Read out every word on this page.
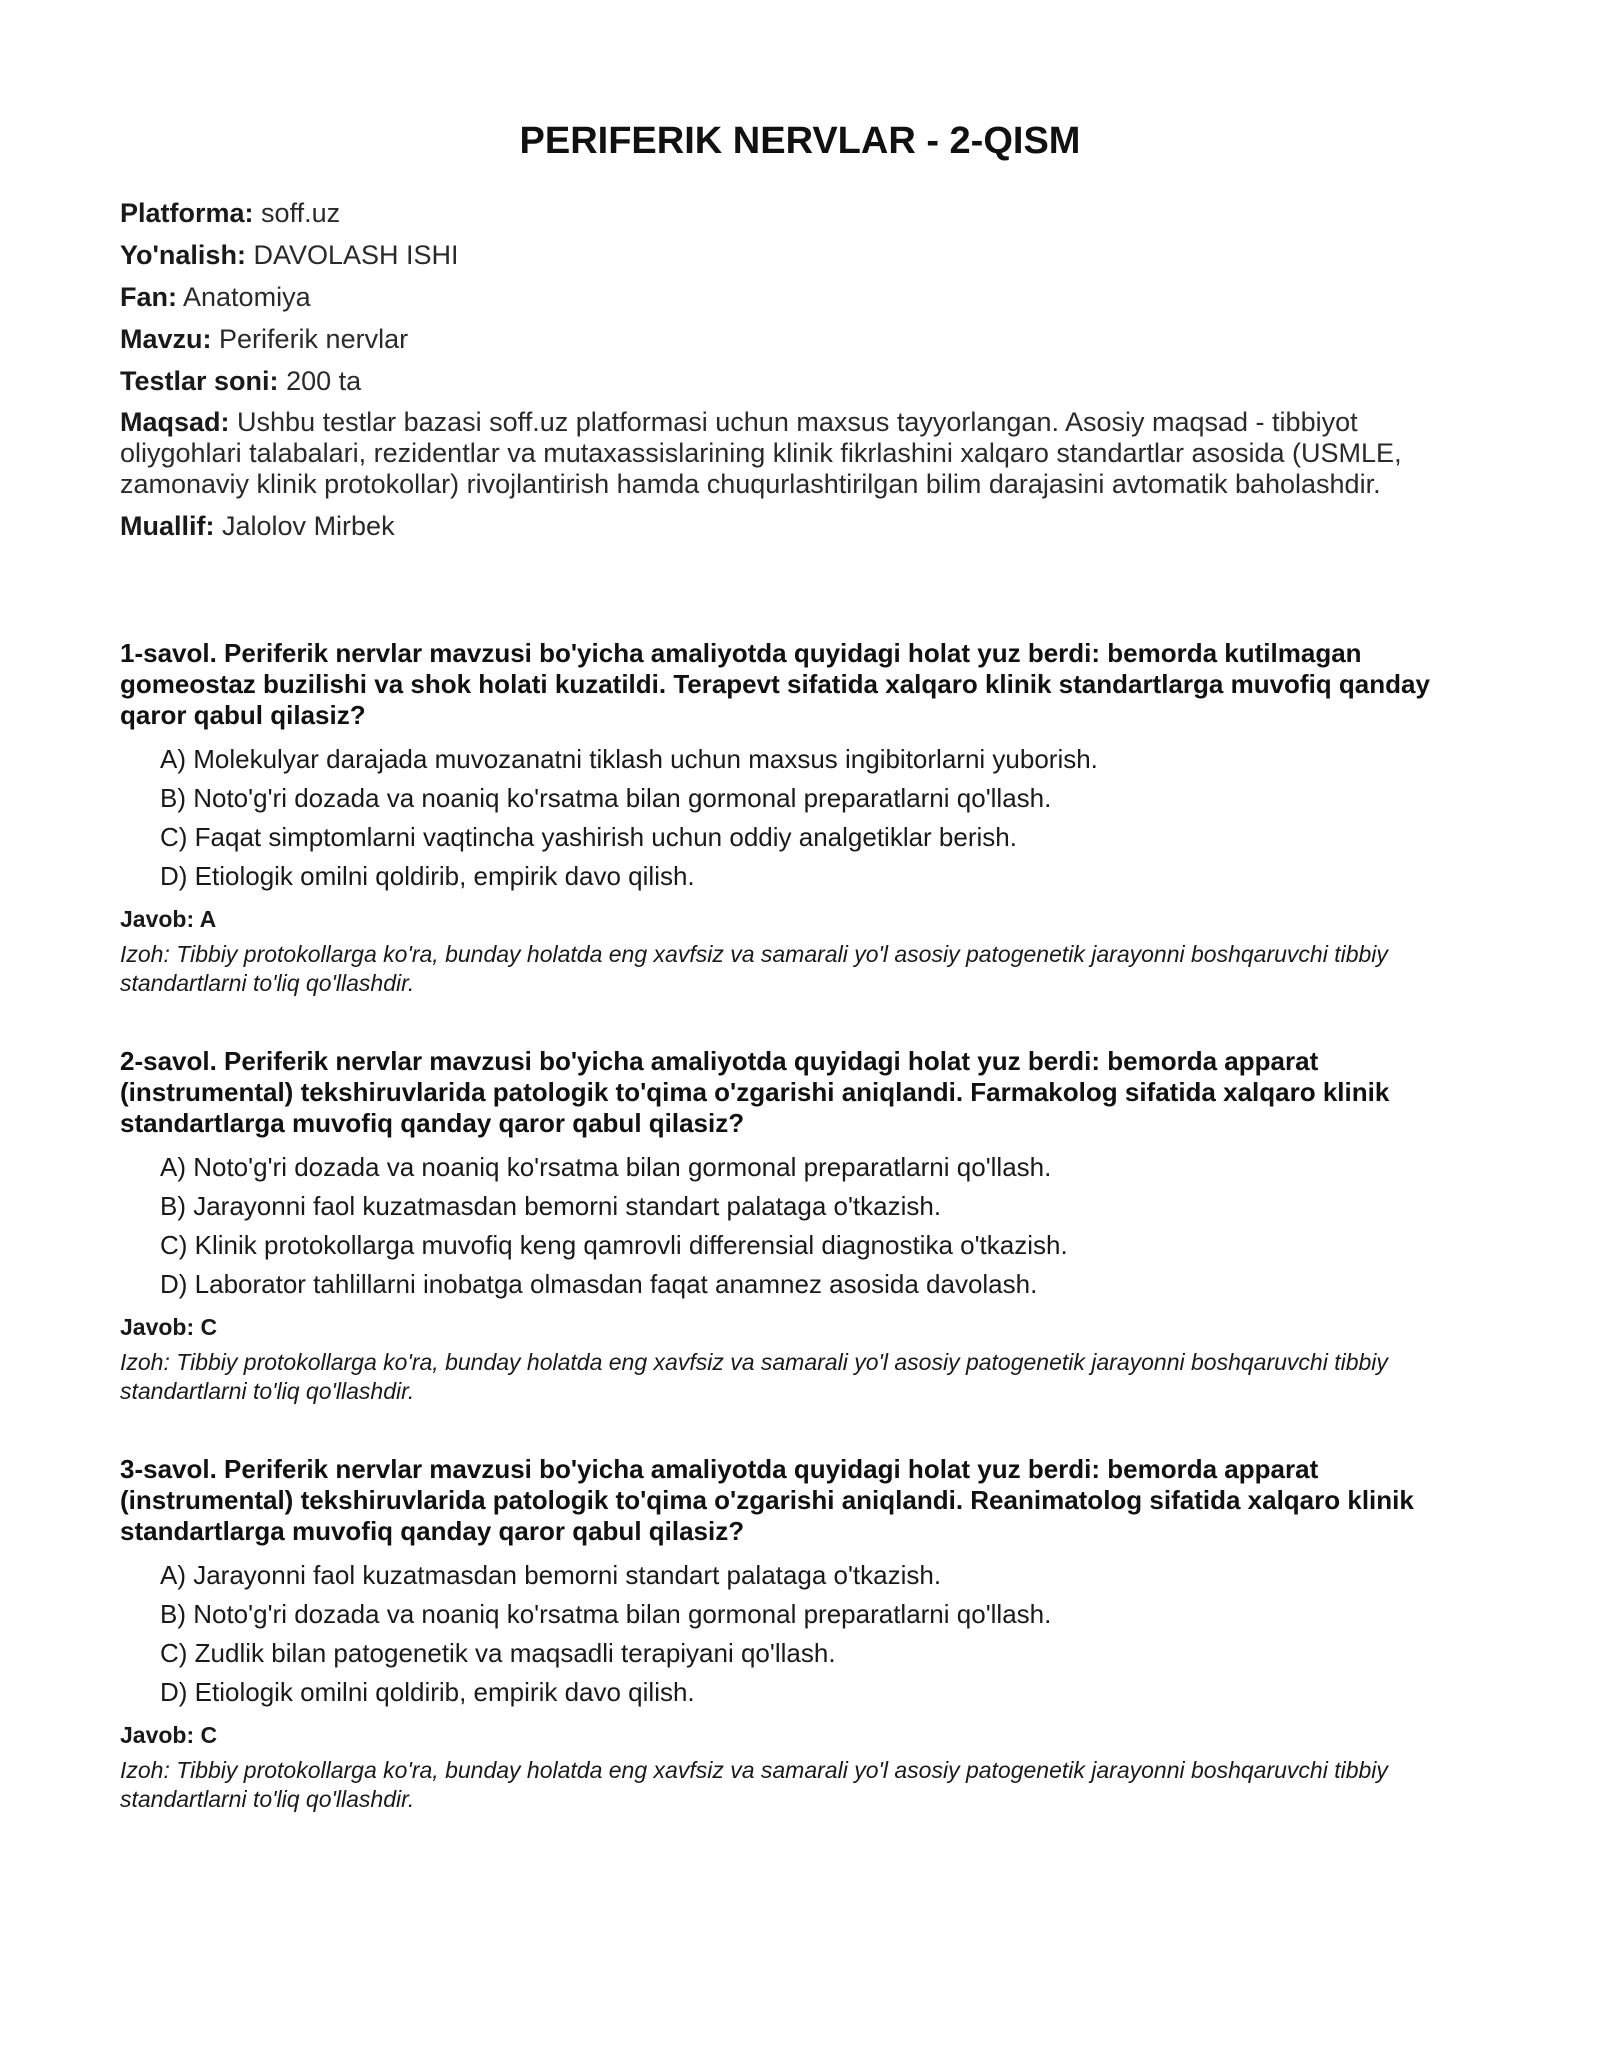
PERIFERIK NERVLAR - 2-QISM
Platforma: soff.uz
Yo'nalish: DAVOLASH ISHI
Fan: Anatomiya
Mavzu: Periferik nervlar
Testlar soni: 200 ta
Maqsad: Ushbu testlar bazasi soff.uz platformasi uchun maxsus tayyorlangan. Asosiy maqsad - tibbiyot oliygohlari talabalari, rezidentlar va mutaxassislarining klinik fikrlashini xalqaro standartlar asosida (USMLE, zamonaviy klinik protokollar) rivojlantirish hamda chuqurlashtirilgan bilim darajasini avtomatik baholashdir.
Muallif: Jalolov Mirbek
1-savol. Periferik nervlar mavzusi bo'yicha amaliyotda quyidagi holat yuz berdi: bemorda kutilmagan gomeostaz buzilishi va shok holati kuzatildi. Terapevt sifatida xalqaro klinik standartlarga muvofiq qanday qaror qabul qilasiz?
A) Molekulyar darajada muvozanatni tiklash uchun maxsus ingibitorlarni yuborish.
B) Noto'g'ri dozada va noaniq ko'rsatma bilan gormonal preparatlarni qo'llash.
C) Faqat simptomlarni vaqtincha yashirish uchun oddiy analgetiklar berish.
D) Etiologik omilni qoldirib, empirik davo qilish.
Javob: A
Izoh: Tibbiy protokollarga ko'ra, bunday holatda eng xavfsiz va samarali yo'l asosiy patogenetik jarayonni boshqaruvchi tibbiy standartlarni to'liq qo'llashdir.
2-savol. Periferik nervlar mavzusi bo'yicha amaliyotda quyidagi holat yuz berdi: bemorda apparat (instrumental) tekshiruvlarida patologik to'qima o'zgarishi aniqlandi. Farmakolog sifatida xalqaro klinik standartlarga muvofiq qanday qaror qabul qilasiz?
A) Noto'g'ri dozada va noaniq ko'rsatma bilan gormonal preparatlarni qo'llash.
B) Jarayonni faol kuzatmasdan bemorni standart palataga o'tkazish.
C) Klinik protokollarga muvofiq keng qamrovli differensial diagnostika o'tkazish.
D) Laborator tahlillarni inobatga olmasdan faqat anamnez asosida davolash.
Javob: C
Izoh: Tibbiy protokollarga ko'ra, bunday holatda eng xavfsiz va samarali yo'l asosiy patogenetik jarayonni boshqaruvchi tibbiy standartlarni to'liq qo'llashdir.
3-savol. Periferik nervlar mavzusi bo'yicha amaliyotda quyidagi holat yuz berdi: bemorda apparat (instrumental) tekshiruvlarida patologik to'qima o'zgarishi aniqlandi. Reanimatolog sifatida xalqaro klinik standartlarga muvofiq qanday qaror qabul qilasiz?
A) Jarayonni faol kuzatmasdan bemorni standart palataga o'tkazish.
B) Noto'g'ri dozada va noaniq ko'rsatma bilan gormonal preparatlarni qo'llash.
C) Zudlik bilan patogenetik va maqsadli terapiyani qo'llash.
D) Etiologik omilni qoldirib, empirik davo qilish.
Javob: C
Izoh: Tibbiy protokollarga ko'ra, bunday holatda eng xavfsiz va samarali yo'l asosiy patogenetik jarayonni boshqaruvchi tibbiy standartlarni to'liq qo'llashdir.
